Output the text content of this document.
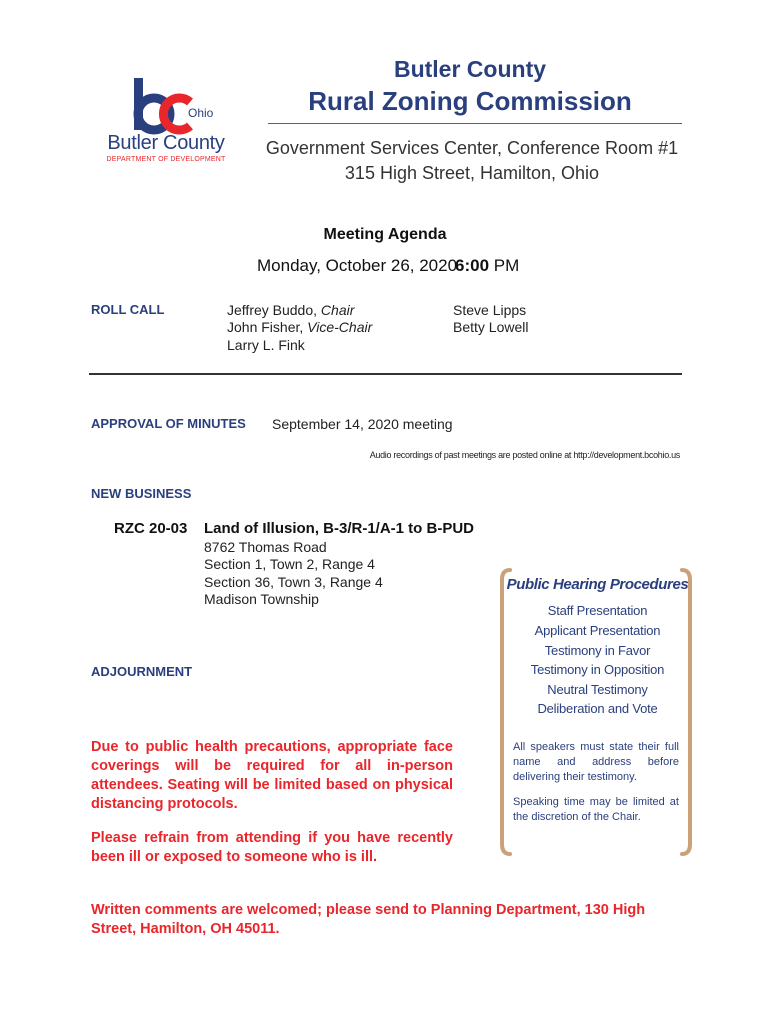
Ohio
Butler County
DEPARTMENT OF DEVELOPMENT
Butler County
Rural Zoning Commission
Government Services Center, Conference Room #1
315 High Street, Hamilton, Ohio
Meeting Agenda
Monday, October 26, 2020
6:00 PM
ROLL CALL	Jeffrey Buddo, Chair
John Fisher, Vice-Chair
Larry L. Fink
Steve Lipps
Betty Lowell
APPROVAL OF MINUTES September 14, 2020 meeting
Audio recordings of past meetings are posted online at http://development.bcohio.us
NEW BUSINESS
RZC 20-03 Land of Illusion, B-3/R-1/A-1 to B-PUD
8762 Thomas Road
Section 1, Town 2, Range 4
Section 36, Town 3, Range 4
Madison Township
ADJOURNMENT
Due to public health precautions, appropriate face coverings will be required for all in-person attendees. Seating will be limited based on physical distancing protocols.
Please refrain from attending if you have recently been ill or exposed to someone who is ill.
Written comments are welcomed; please send to Planning Department, 130 High Street, Hamilton, OH 45011.
Public Hearing Procedures
Staff Presentation
Applicant Presentation
Testimony in Favor
Testimony in Opposition
Neutral Testimony
Deliberation and Vote
All speakers must state their full name and address before delivering their testimony.
Speaking time may be limited at the discretion of the Chair.
